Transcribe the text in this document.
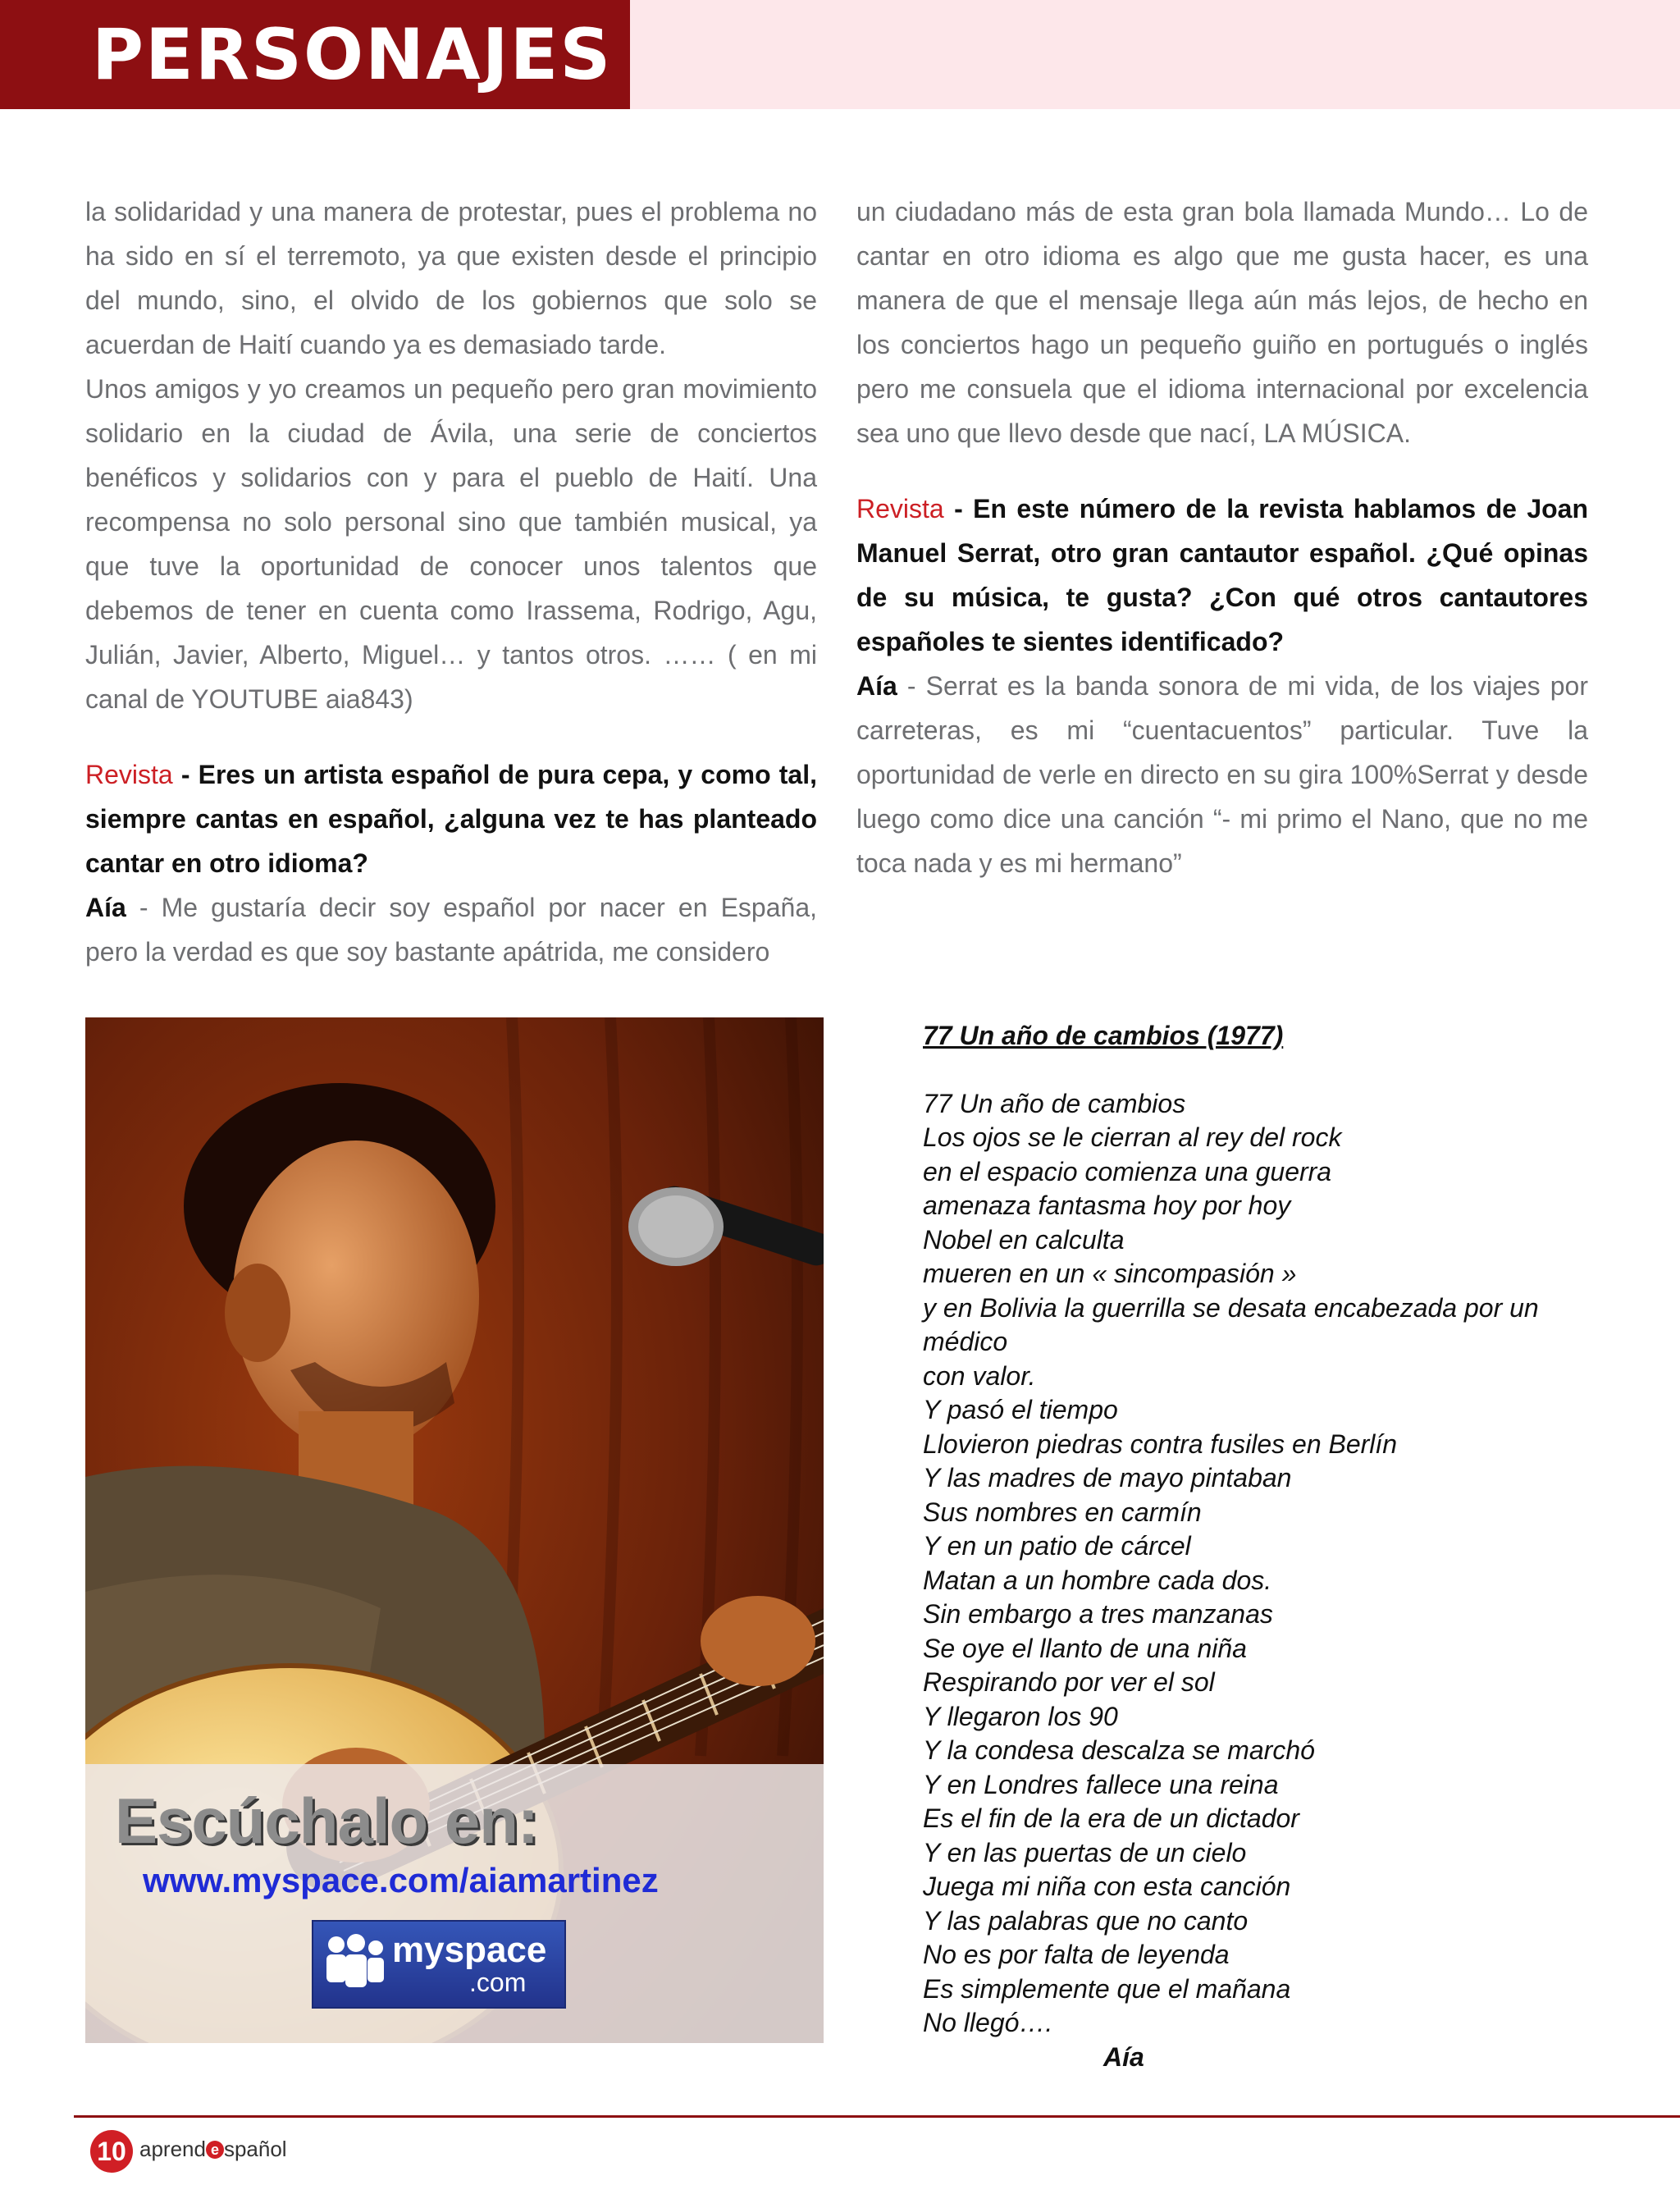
PERSONAJES

la solidaridad y una manera de protestar, pues el problema no ha sido en sí el terremoto, ya que existen desde el principio del mundo, sino, el olvido de los gobiernos que solo se acuerdan de Haití cuando ya es demasiado tarde.

Unos amigos y yo creamos un pequeño pero gran movimiento solidario en la ciudad de Ávila, una serie de conciertos benéficos y solidarios con y para el pueblo de Haití. Una recompensa no solo personal sino que también musical, ya que tuve la oportunidad de conocer unos talentos que debemos de tener en cuenta como Irassema, Rodrigo, Agu, Julián, Javier, Alberto, Miguel… y tantos otros. …… ( en mi canal de YOUTUBE aia843)

Revista - Eres un artista español de pura cepa, y como tal, siempre cantas en español, ¿alguna vez te has planteado cantar en otro idioma?

Aía - Me gustaría decir soy español por nacer en España, pero la verdad es que soy bastante apátrida, me considero

un ciudadano más de esta gran bola llamada Mundo… Lo de cantar en otro idioma es algo que me gusta hacer, es una manera de que el mensaje llega aún más lejos, de hecho en los conciertos hago un pequeño guiño en portugués o inglés pero me consuela que el idioma internacional por excelencia sea uno que llevo desde que nací, LA MÚSICA.

Revista - En este número de la revista hablamos de Joan Manuel Serrat, otro gran cantautor español. ¿Qué opinas de su música, te gusta? ¿Con qué otros cantautores españoles te sientes identificado?

Aía - Serrat es la banda sonora de mi vida, de los viajes por carreteras, es mi “cuentacuentos” particular. Tuve la oportunidad de verle en directo en su gira 100%Serrat y desde luego como dice una canción “- mi primo el Nano, que no me toca nada y es mi hermano”

Escúchalo en:
www.myspace.com/aiamartinez
myspace
.com

77 Un año de cambios (1977)

77 Un año de cambios

Los ojos se le cierran al rey del rock

en el espacio comienza una guerra

amenaza fantasma hoy por hoy

Nobel en calculta

mueren en un « sincompasión »

y en Bolivia la guerrilla se desata encabezada por un médico

con valor.

Y pasó el tiempo

Llovieron piedras contra fusiles en Berlín

Y las madres de mayo pintaban

Sus nombres en carmín

Y en un patio de cárcel

Matan a un hombre cada dos.

Sin embargo a tres manzanas

Se oye el llanto de una niña

Respirando por ver el sol

Y llegaron los 90

Y la condesa descalza se marchó

Y en Londres fallece una reina

Es el fin de la era de un dictador

Y en las puertas de un cielo

Juega mi niña con esta canción

Y las palabras que no canto

No es por falta de leyenda

Es simplemente que el mañana

No llegó….

Aía

10 aprend e spañol
